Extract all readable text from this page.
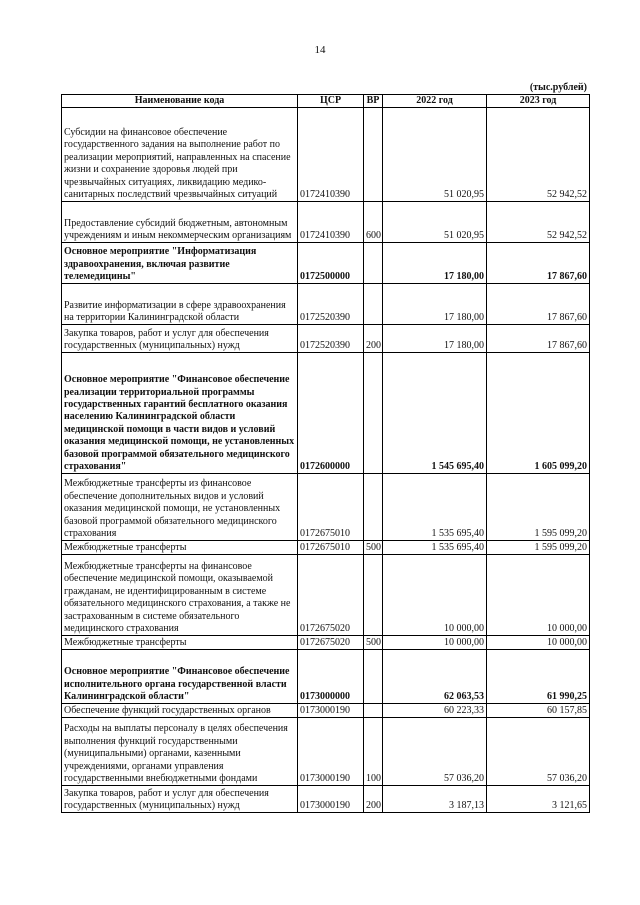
14
(тыс.рублей)
Наименование кода	ЦСР	ВР	2022 год	2023 год
Субсидии на финансовое обеспечение государственного задания на выполнение работ по реализации мероприятий, направленных на спасение жизни и сохранение здоровья людей при чрезвычайных ситуациях, ликвидацию медико-санитарных последствий чрезвычайных ситуаций	0172410390		51 020,95	52 942,52
Предоставление субсидий бюджетным, автономным учреждениям и иным некоммерческим организациям	0172410390	600	51 020,95	52 942,52
Основное мероприятие "Информатизация здравоохранения, включая развитие телемедицины"	0172500000		17 180,00	17 867,60
Развитие информатизации в сфере здравоохранения на территории Калининградской области	0172520390		17 180,00	17 867,60
Закупка товаров, работ и услуг для обеспечения государственных (муниципальных) нужд	0172520390	200	17 180,00	17 867,60
Основное мероприятие "Финансовое обеспечение реализации территориальной программы государственных гарантий бесплатного оказания населению Калининградской области медицинской помощи в части видов и условий оказания медицинской помощи, не установленных базовой программой обязательного медицинского страхования"	0172600000		1 545 695,40	1 605 099,20
Межбюджетные трансферты из финансовое обеспечение дополнительных видов и условий оказания медицинской помощи, не установленных базовой программой обязательного медицинского страхования	0172675010		1 535 695,40	1 595 099,20
Межбюджетные трансферты	0172675010	500	1 535 695,40	1 595 099,20
Межбюджетные трансферты на финансовое обеспечение медицинской помощи, оказываемой гражданам, не идентифицированным в системе обязательного медицинского страхования, а также не застрахованным в системе обязательного медицинского страхования	0172675020		10 000,00	10 000,00
Межбюджетные трансферты	0172675020	500	10 000,00	10 000,00
Основное мероприятие "Финансовое обеспечение исполнительного органа государственной власти Калининградской области"	0173000000		62 063,53	61 990,25
Обеспечение функций государственных органов	0173000190		60 223,33	60 157,85
Расходы на выплаты персоналу в целях обеспечения выполнения функций государственными (муниципальными) органами, казенными учреждениями, органами управления государственными внебюджетными фондами	0173000190	100	57 036,20	57 036,20
Закупка товаров, работ и услуг для обеспечения государственных (муниципальных) нужд	0173000190	200	3 187,13	3 121,65
